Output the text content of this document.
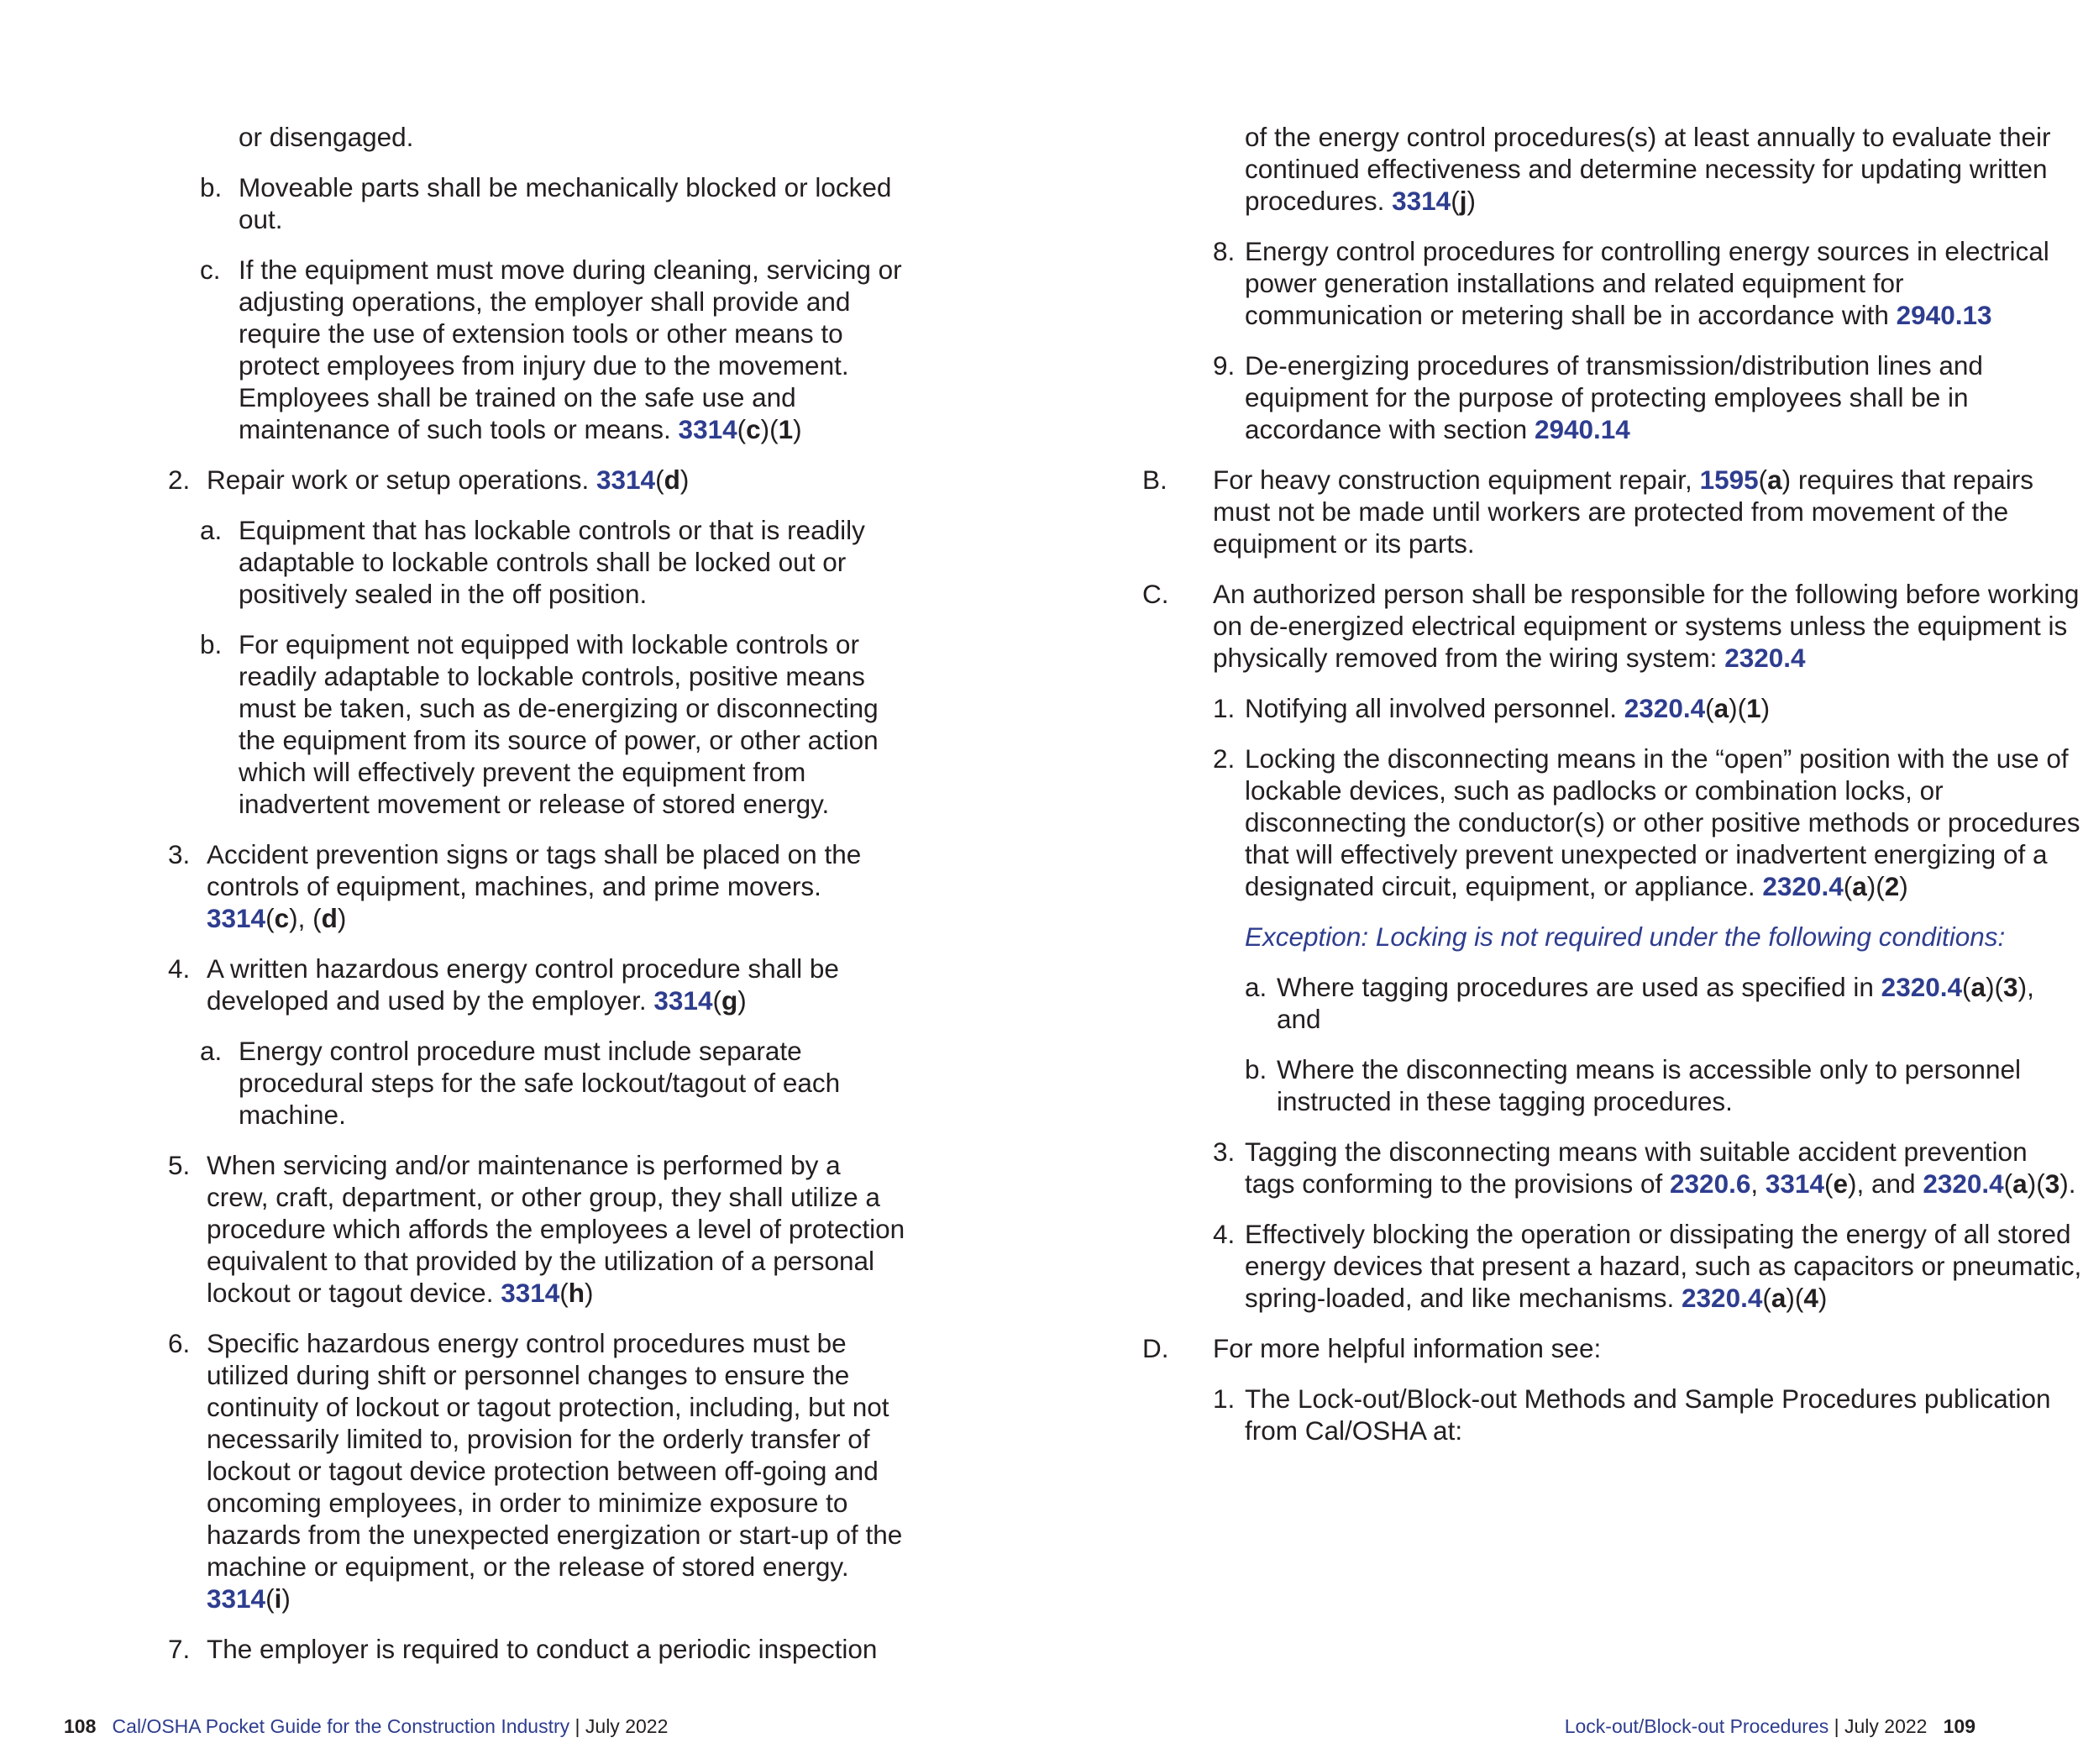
or disengaged.
b. Moveable parts shall be mechanically blocked or locked out.
c. If the equipment must move during cleaning, servicing or adjusting operations, the employer shall provide and require the use of extension tools or other means to protect employees from injury due to the movement. Employees shall be trained on the safe use and maintenance of such tools or means. 3314(c)(1)
2. Repair work or setup operations. 3314(d)
a. Equipment that has lockable controls or that is readily adaptable to lockable controls shall be locked out or positively sealed in the off position.
b. For equipment not equipped with lockable controls or readily adaptable to lockable controls, positive means must be taken, such as de-energizing or disconnecting the equipment from its source of power, or other action which will effectively prevent the equipment from inadvertent movement or release of stored energy.
3. Accident prevention signs or tags shall be placed on the controls of equipment, machines, and prime movers. 3314(c), (d)
4. A written hazardous energy control procedure shall be developed and used by the employer. 3314(g)
a. Energy control procedure must include separate procedural steps for the safe lockout/tagout of each machine.
5. When servicing and/or maintenance is performed by a crew, craft, department, or other group, they shall utilize a procedure which affords the employees a level of protection equivalent to that provided by the utilization of a personal lockout or tagout device. 3314(h)
6. Specific hazardous energy control procedures must be utilized during shift or personnel changes to ensure the continuity of lockout or tagout protection, including, but not necessarily limited to, provision for the orderly transfer of lockout or tagout device protection between off-going and oncoming employees, in order to minimize exposure to hazards from the unexpected energization or start-up of the machine or equipment, or the release of stored energy. 3314(i)
7. The employer is required to conduct a periodic inspection
108 Cal/OSHA Pocket Guide for the Construction Industry | July 2022
of the energy control procedures(s) at least annually to evaluate their continued effectiveness and determine necessity for updating written procedures. 3314(j)
8. Energy control procedures for controlling energy sources in electrical power generation installations and related equipment for communication or metering shall be in accordance with 2940.13
9. De-energizing procedures of transmission/distribution lines and equipment for the purpose of protecting employees shall be in accordance with section 2940.14
B. For heavy construction equipment repair, 1595(a) requires that repairs must not be made until workers are protected from movement of the equipment or its parts.
C. An authorized person shall be responsible for the following before working on de-energized electrical equipment or systems unless the equipment is physically removed from the wiring system: 2320.4
1. Notifying all involved personnel. 2320.4(a)(1)
2. Locking the disconnecting means in the “open” position with the use of lockable devices, such as padlocks or combination locks, or disconnecting the conductor(s) or other positive methods or procedures that will effectively prevent unexpected or inadvertent energizing of a designated circuit, equipment, or appliance. 2320.4(a)(2)
Exception: Locking is not required under the following conditions:
a. Where tagging procedures are used as specified in 2320.4(a)(3), and
b. Where the disconnecting means is accessible only to personnel instructed in these tagging procedures.
3. Tagging the disconnecting means with suitable accident prevention tags conforming to the provisions of 2320.6, 3314(e), and 2320.4(a)(3).
4. Effectively blocking the operation or dissipating the energy of all stored energy devices that present a hazard, such as capacitors or pneumatic, spring-loaded, and like mechanisms. 2320.4(a)(4)
D. For more helpful information see:
1. The Lock-out/Block-out Methods and Sample Procedures publication from Cal/OSHA at:
Lock-out/Block-out Procedures | July 2022 109
